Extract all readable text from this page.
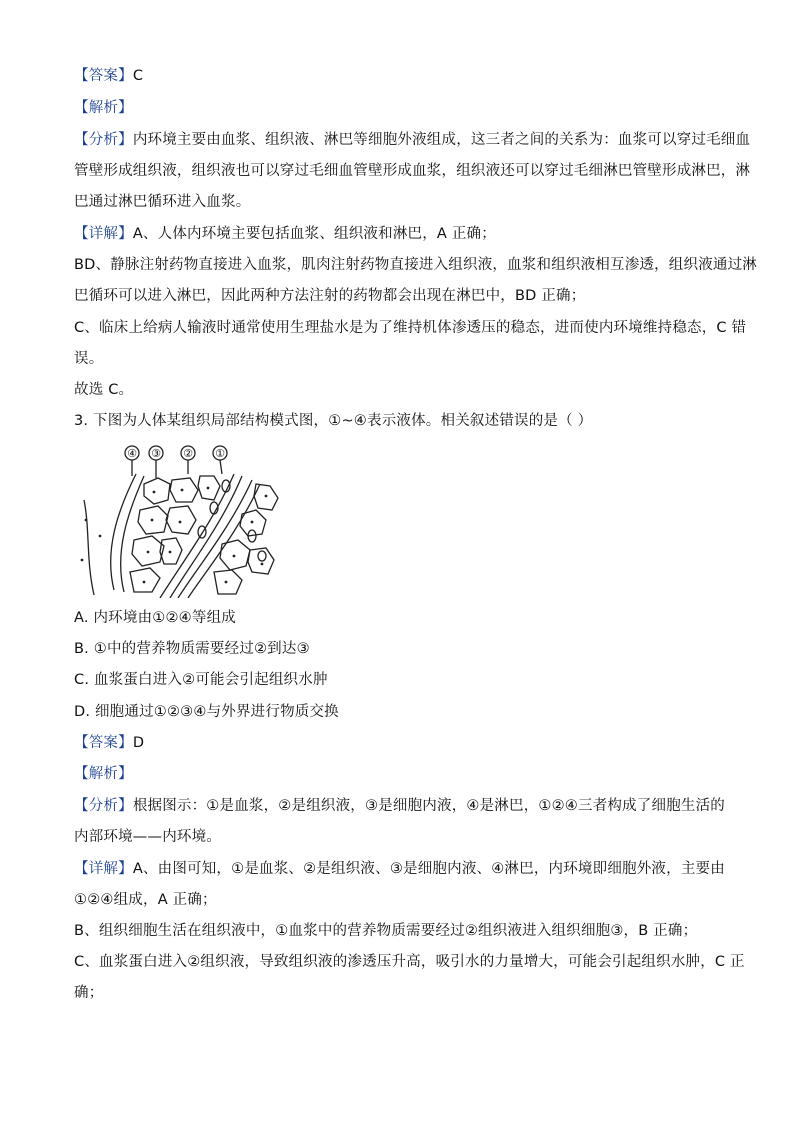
【答案】C
【解析】
【分析】内环境主要由血浆、组织液、淋巴等细胞外液组成，这三者之间的关系为：血浆可以穿过毛细血
管壁形成组织液，组织液也可以穿过毛细血管壁形成血浆，组织液还可以穿过毛细淋巴管壁形成淋巴，淋
巴通过淋巴循环进入血浆。
【详解】A、人体内环境主要包括血浆、组织液和淋巴，A 正确；
BD、静脉注射药物直接进入血浆，肌肉注射药物直接进入组织液，血浆和组织液相互渗透，组织液通过淋
巴循环可以进入淋巴，因此两种方法注射的药物都会出现在淋巴中，BD 正确；
C、临床上给病人输液时通常使用生理盐水是为了维持机体渗透压的稳态，进而使内环境维持稳态，C 错
误。
故选 C。
3. 下图为人体某组织局部结构模式图，①~④表示液体。相关叙述错误的是（ ）
④ ③ ② ①
A. 内环境由①②④等组成
B. ①中的营养物质需要经过②到达③
C. 血浆蛋白进入②可能会引起组织水肿
D. 细胞通过①②③④与外界进行物质交换
【答案】D
【解析】
【分析】根据图示：①是血浆，②是组织液，③是细胞内液，④是淋巴，①②④三者构成了细胞生活的
内部环境——内环境。
【详解】A、由图可知，①是血浆、②是组织液、③是细胞内液、④淋巴，内环境即细胞外液，主要由
①②④组成，A 正确；
B、组织细胞生活在组织液中，①血浆中的营养物质需要经过②组织液进入组织细胞③，B 正确；
C、血浆蛋白进入②组织液，导致组织液的渗透压升高，吸引水的力量增大，可能会引起组织水肿，C 正
确；
